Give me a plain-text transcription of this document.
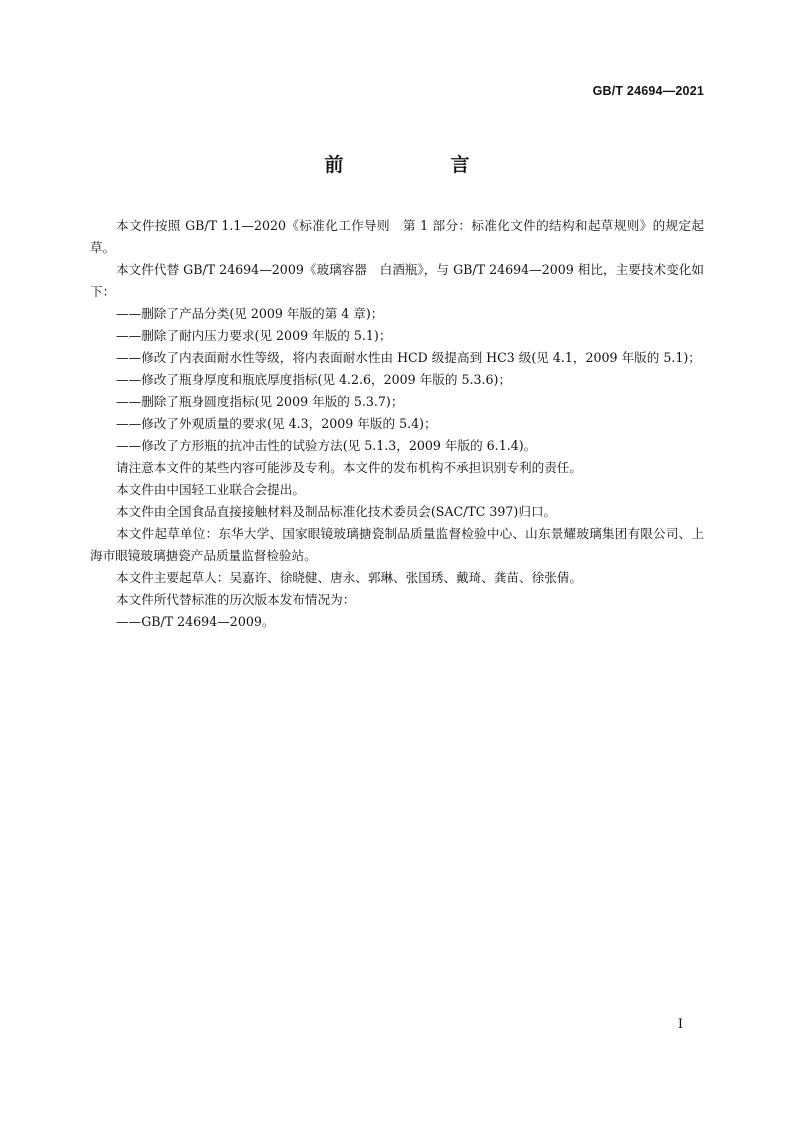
GB/T 24694—2021
前　言

本文件按照 GB/T 1.1—2020《标准化工作导则　第 1 部分：标准化文件的结构和起草规则》的规定起草。

本文件代替 GB/T 24694—2009《玻璃容器　白酒瓶》，与 GB/T 24694—2009 相比，主要技术变化如下：

——删除了产品分类(见 2009 年版的第 4 章)；

——删除了耐内压力要求(见 2009 年版的 5.1)；

——修改了内表面耐水性等级，将内表面耐水性由 HCD 级提高到 HC3 级(见 4.1，2009 年版的 5.1)；

——修改了瓶身厚度和瓶底厚度指标(见 4.2.6，2009 年版的 5.3.6)；

——删除了瓶身圆度指标(见 2009 年版的 5.3.7)；

——修改了外观质量的要求(见 4.3，2009 年版的 5.4)；

——修改了方形瓶的抗冲击性的试验方法(见 5.1.3，2009 年版的 6.1.4)。

请注意本文件的某些内容可能涉及专利。本文件的发布机构不承担识别专利的责任。

本文件由中国轻工业联合会提出。

本文件由全国食品直接接触材料及制品标准化技术委员会(SAC/TC 397)归口。

本文件起草单位：东华大学、国家眼镜玻璃搪瓷制品质量监督检验中心、山东景耀玻璃集团有限公司、上海市眼镜玻璃搪瓷产品质量监督检验站。

本文件主要起草人：吴嘉许、徐晓健、唐永、郭琳、张国琇、戴琦、龚苗、徐张倩。

本文件所代替标准的历次版本发布情况为：

——GB/T 24694—2009。

I
